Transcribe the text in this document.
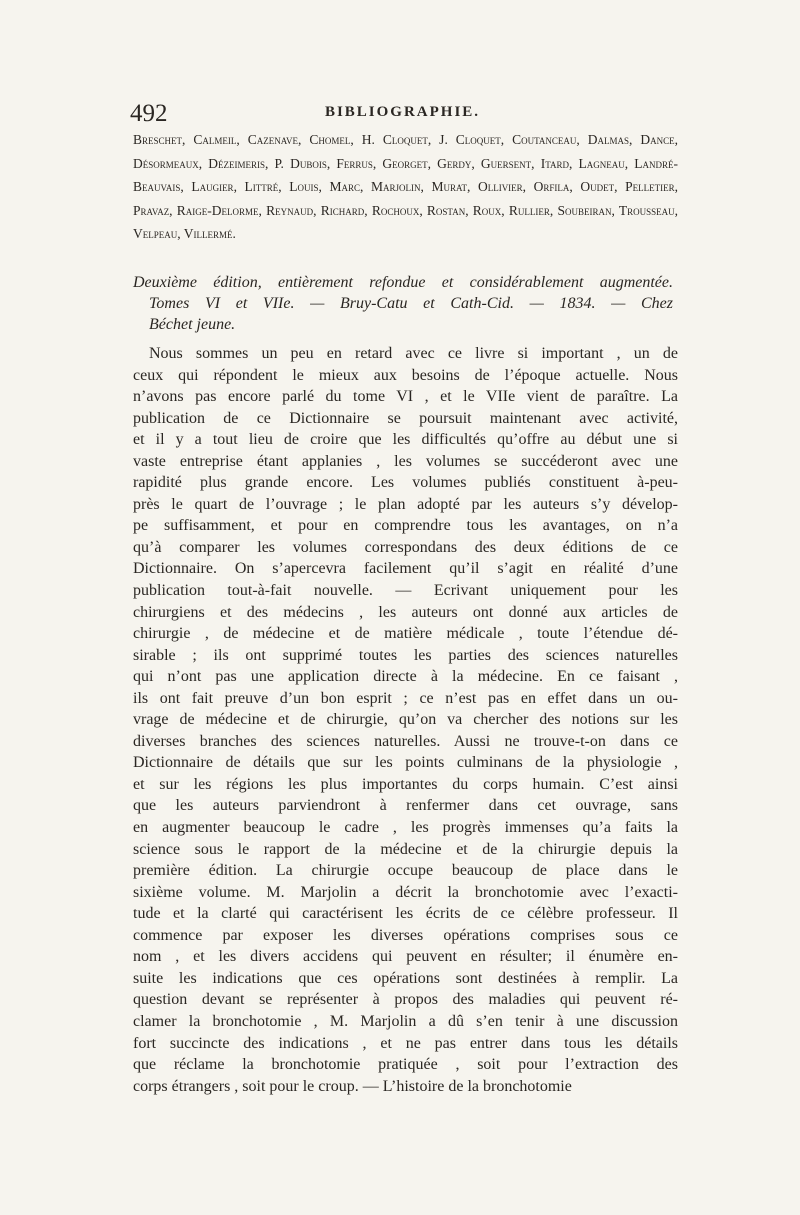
492	BIBLIOGRAPHIE.
Breschet, Calmeil, Cazenave, Chomel, H. Cloquet, J. Cloquet, Coutanceau, Dalmas, Dance, Désormeaux, Dézeimeris, P. Dubois, Ferrus, Georget, Gerdy, Guersent, Itard, Lagneau, Landré-Beauvais, Laugier, Littré, Louis, Marc, Marjolin, Murat, Ollivier, Orfila, Oudet, Pelletier, Pravaz, Raige-Delorme, Reynaud, Richard, Rochoux, Rostan, Roux, Rullier, Soubeiran, Trousseau, Velpeau, Villermé.
Deuxième édition, entièrement refondue et considérablement augmentée.
Tomes VI et VIIe. — Bruy-Catu et Cath-Cid. — 1834. — Chez
Béchet jeune.
Nous sommes un peu en retard avec ce livre si important , un de
ceux qui répondent le mieux aux besoins de l’époque actuelle. Nous
n’avons pas encore parlé du tome VI , et le VIIe vient de paraître. La
publication de ce Dictionnaire se poursuit maintenant avec activité,
et il y a tout lieu de croire que les difficultés qu’offre au début une si
vaste entreprise étant applanies , les volumes se succéderont avec une
rapidité plus grande encore. Les volumes publiés constituent à-peu-
près le quart de l’ouvrage ; le plan adopté par les auteurs s’y dévelop-
pe suffisamment, et pour en comprendre tous les avantages, on n’a
qu’à comparer les volumes correspondans des deux éditions de ce
Dictionnaire. On s’apercevra facilement qu’il s’agit en réalité d’une
publication tout-à-fait nouvelle. — Ecrivant uniquement pour les
chirurgiens et des médecins , les auteurs ont donné aux articles de
chirurgie , de médecine et de matière médicale , toute l’étendue dé-
sirable ; ils ont supprimé toutes les parties des sciences naturelles
qui n’ont pas une application directe à la médecine. En ce faisant ,
ils ont fait preuve d’un bon esprit ; ce n’est pas en effet dans un ou-
vrage de médecine et de chirurgie, qu’on va chercher des notions sur les
diverses branches des sciences naturelles. Aussi ne trouve-t-on dans ce
Dictionnaire de détails que sur les points culminans de la physiologie ,
et sur les régions les plus importantes du corps humain. C’est ainsi
que les auteurs parviendront à renfermer dans cet ouvrage, sans
en augmenter beaucoup le cadre , les progrès immenses qu’a faits la
science sous le rapport de la médecine et de la chirurgie depuis la
première édition. La chirurgie occupe beaucoup de place dans le
sixième volume. M. Marjolin a décrit la bronchotomie avec l’exacti-
tude et la clarté qui caractérisent les écrits de ce célèbre professeur. Il
commence par exposer les diverses opérations comprises sous ce
nom , et les divers accidens qui peuvent en résulter; il énumère en-
suite les indications que ces opérations sont destinées à remplir. La
question devant se représenter à propos des maladies qui peuvent ré-
clamer la bronchotomie , M. Marjolin a dû s’en tenir à une discussion
fort succincte des indications , et ne pas entrer dans tous les détails
que réclame la bronchotomie pratiquée , soit pour l’extraction des
corps étrangers , soit pour le croup. — L’histoire de la bronchotomie
